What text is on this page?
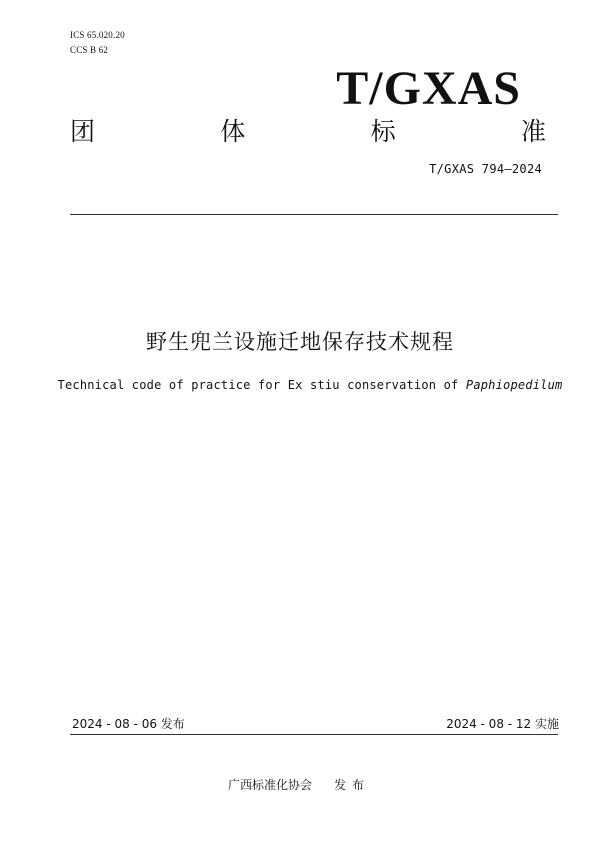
ICS 65.020.20
CCS B 62
T/GXAS
团	体	标	准
T/GXAS 794—2024
野生兜兰设施迁地保存技术规程
Technical code of practice for Ex stiu conservation of Paphiopedilum
2024 - 08 - 06 发布	2024 - 08 - 12 实施
广西标准化协会 发布
